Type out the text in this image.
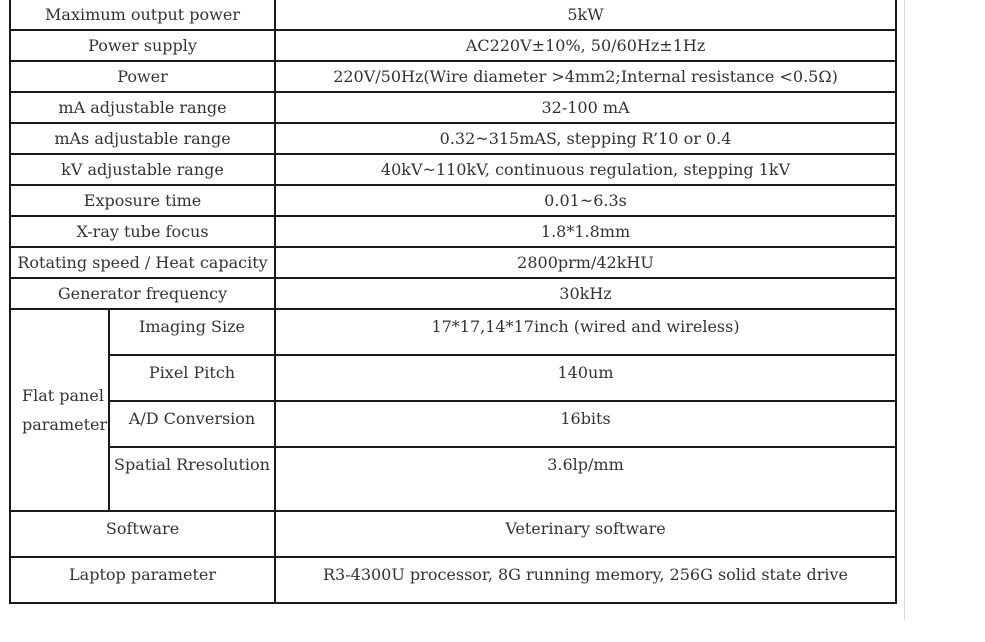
Maximum output power		5kW
Power supply		AC220V±10%, 50/60Hz±1Hz
Power		220V/50Hz(Wire diameter >4mm2;Internal resistance <0.5Ω)
mA adjustable range		32-100 mA
mAs adjustable range		0.32~315mAS, stepping R’10 or 0.4
kV adjustable range		40kV~110kV, continuous regulation, stepping 1kV
Exposure time		0.01~6.3s
X-ray tube focus		1.8*1.8mm
Rotating speed / Heat capacity		2800prm/42kHU
Generator frequency		30kHz
Flat panel parameter	Imaging Size	17*17,14*17inch (wired and wireless)
	Pixel Pitch	140um
	A/D Conversion	16bits
	Spatial Rresolution	3.6lp/mm
Software		Veterinary software
Laptop parameter		R3-4300U processor, 8G running memory, 256G solid state drive
